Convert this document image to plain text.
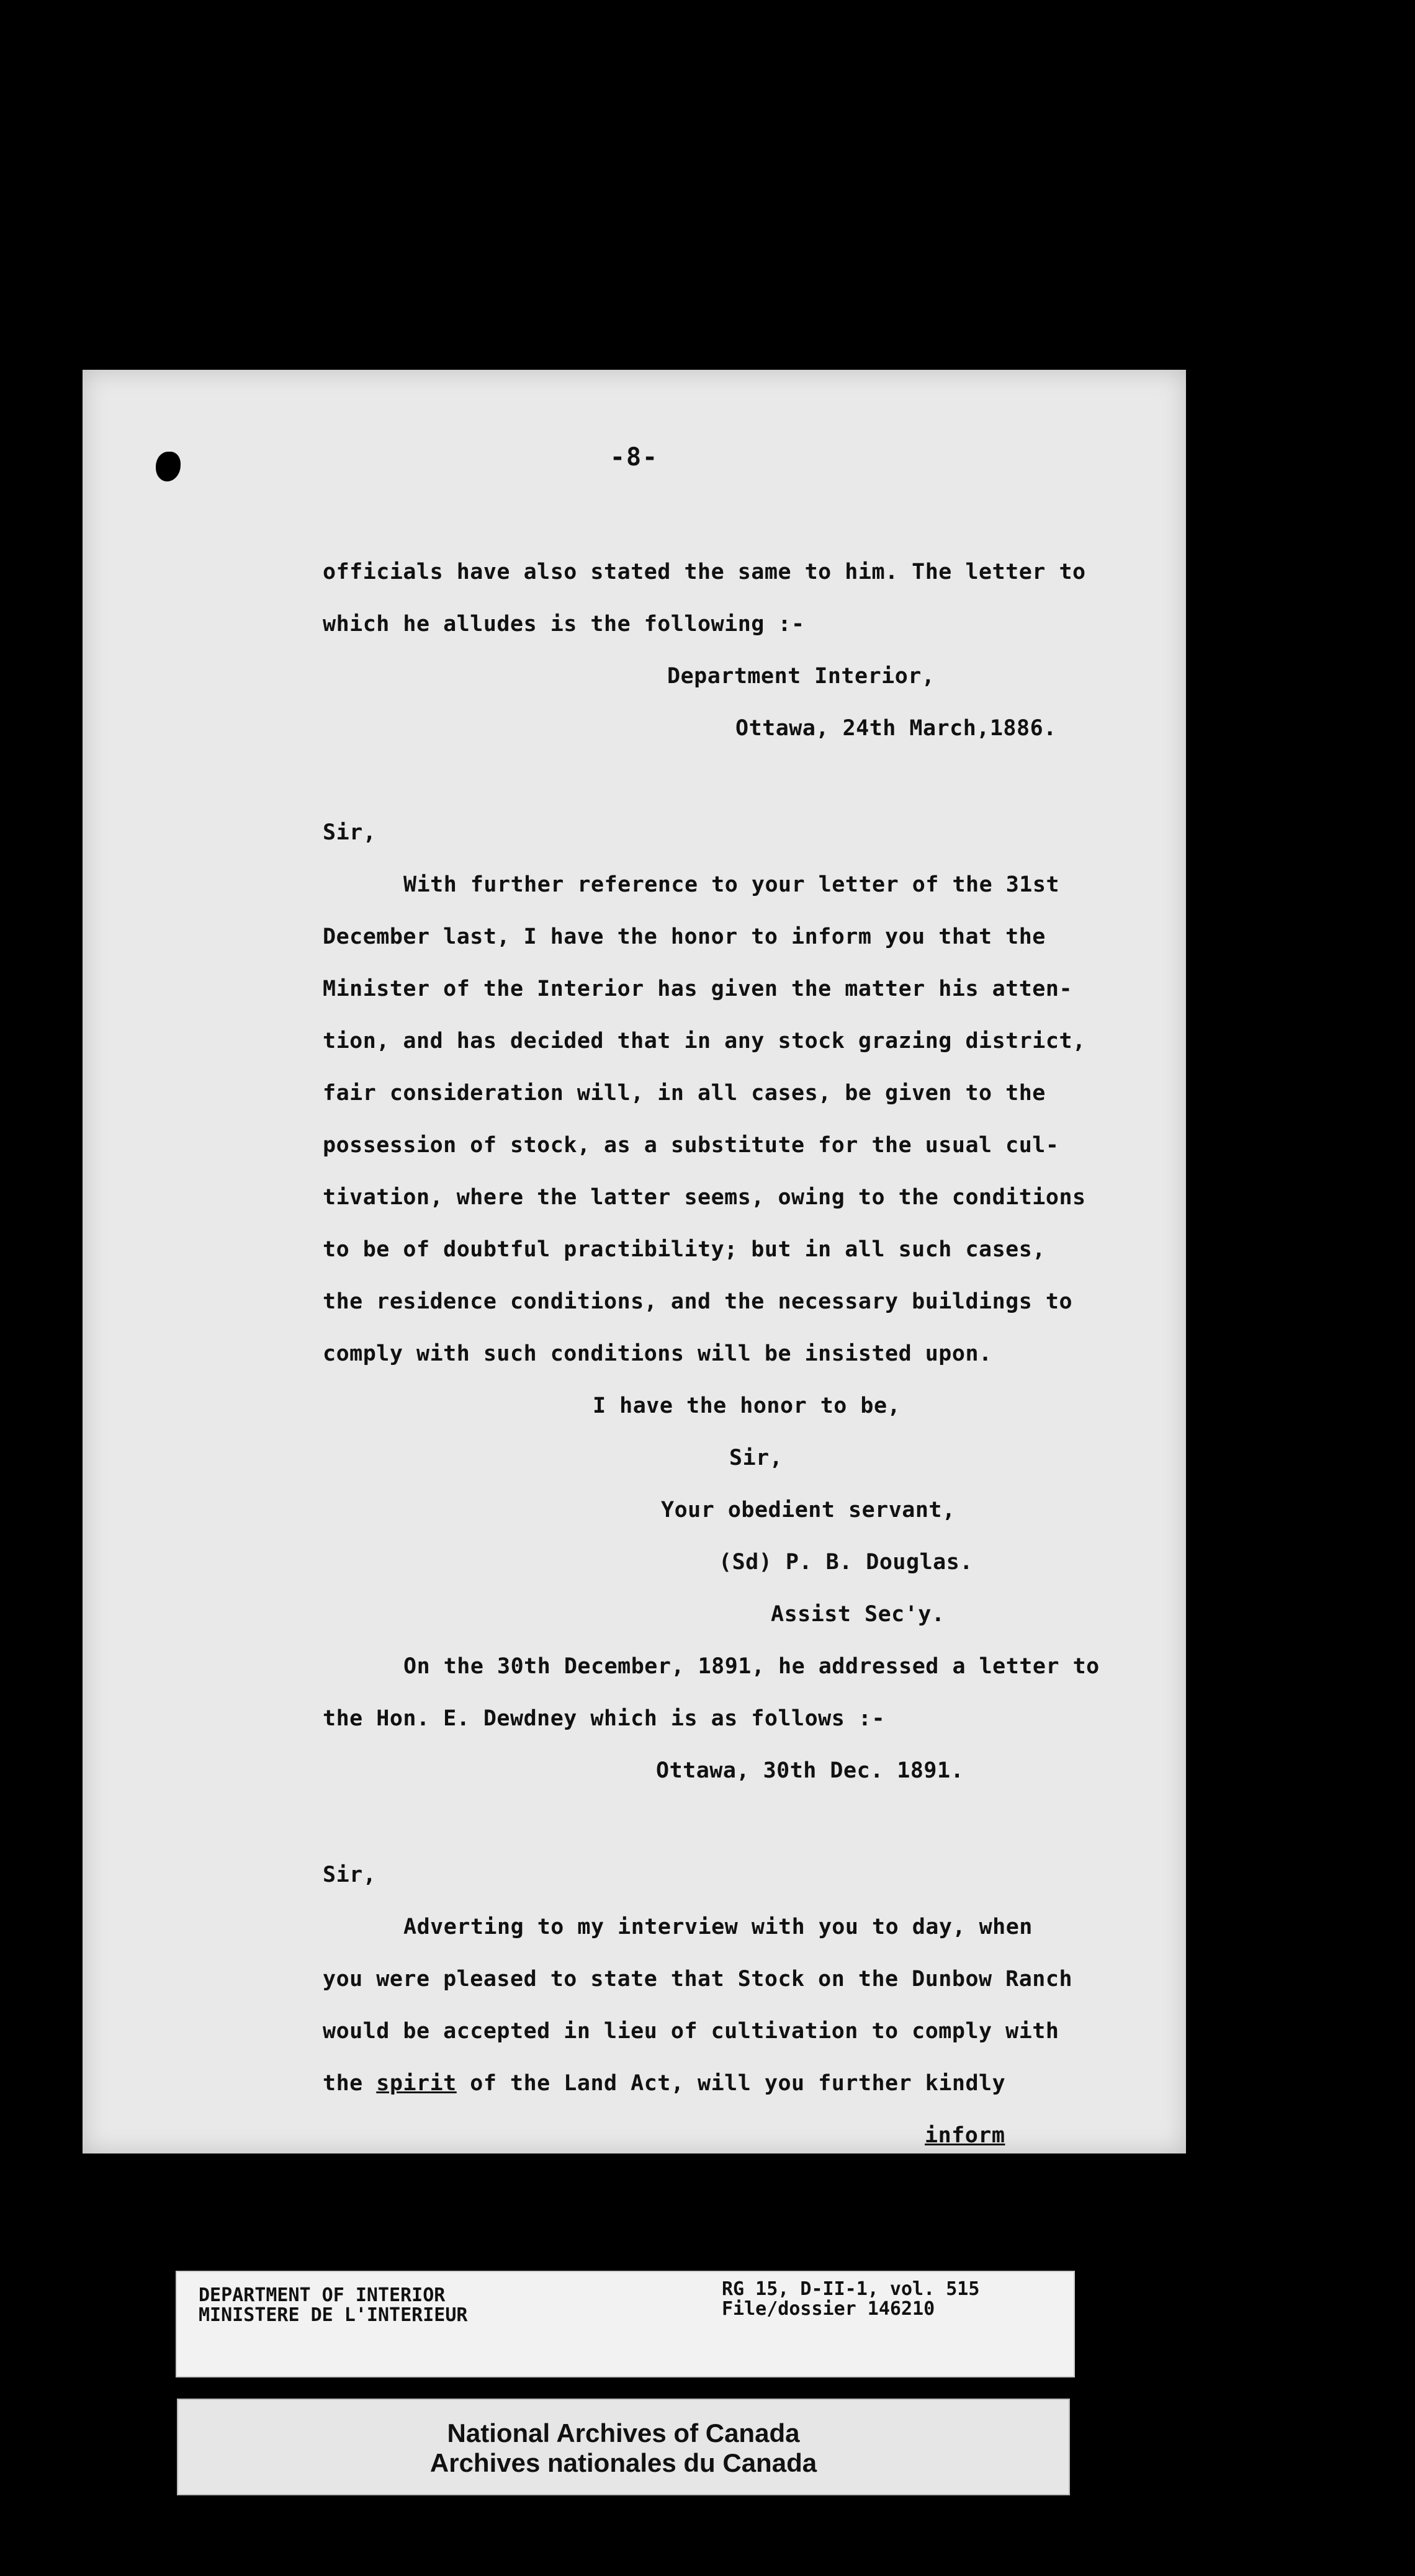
-8-
officials have also stated the same to him. The letter to
which he alludes is the following :-
Department Interior,
Ottawa, 24th March,1886.
Sir,
With further reference to your letter of the 31st
December last, I have the honor to inform you that the
Minister of the Interior has given the matter his atten-
tion, and has decided that in any stock grazing district,
fair consideration will, in all cases, be given to the
possession of stock, as a substitute for the usual cul-
tivation, where the latter seems, owing to the conditions
to be of doubtful practibility; but in all such cases,
the residence conditions, and the necessary buildings to
comply with such conditions will be insisted upon.
I have the honor to be,
Sir,
Your obedient servant,
(Sd) P. B. Douglas.
Assist Sec'y.
On the 30th December, 1891, he addressed a letter to
the Hon. E. Dewdney which is as follows :-
Ottawa, 30th Dec. 1891.
Sir,
Adverting to my interview with you to day, when
you were pleased to state that Stock on the Dunbow Ranch
would be accepted in lieu of cultivation to comply with
the spirit of the Land Act, will you further kindly
inform
DEPARTMENT OF INTERIOR
MINISTERE DE L'INTERIEUR
RG 15, D-II-1, vol. 515
File/dossier 146210
National Archives of Canada
Archives nationales du Canada
